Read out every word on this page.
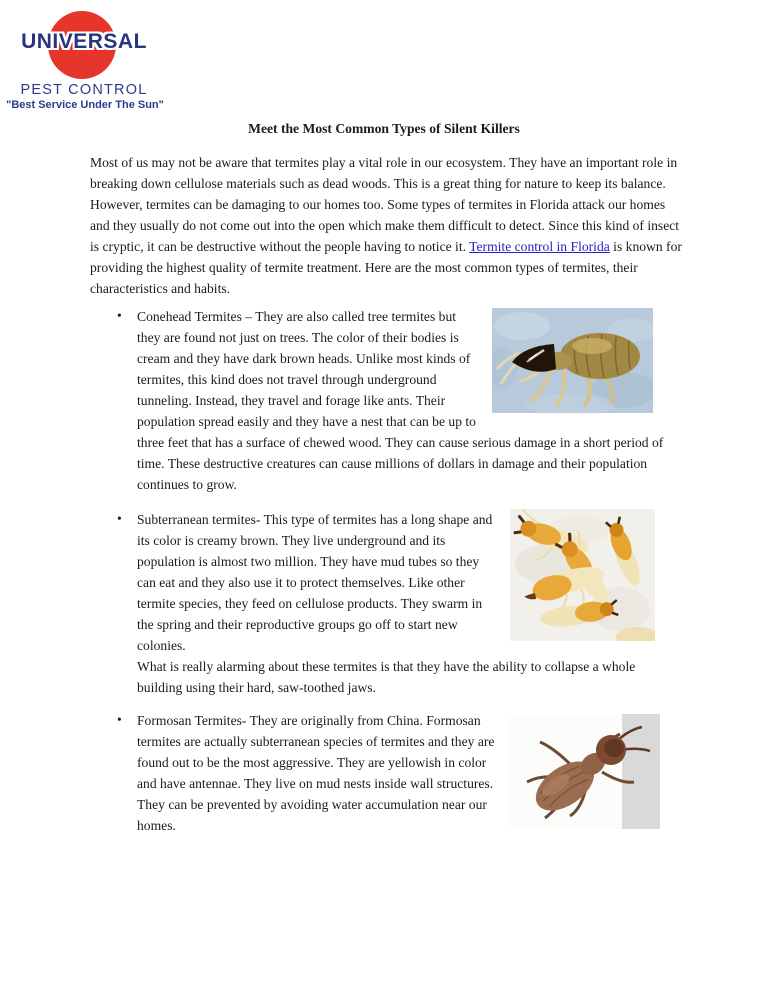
UNIVERSAL
PEST CONTROL
"Best Service Under The Sun"
Meet the Most Common Types of Silent Killers

Most of us may not be aware that termites play a vital role in our ecosystem. They have an important role in breaking down cellulose materials such as dead woods. This is a great thing for nature to keep its balance. However, termites can be damaging to our homes too. Some types of termites in Florida attack our homes and they usually do not come out into the open which make them difficult to detect. Since this kind of insect is cryptic, it can be destructive without the people having to notice it. Termite control in Florida is known for providing the highest quality of termite treatment. Here are the most common types of termites, their characteristics and habits.

• Conehead Termites – They are also called tree termites but they are found not just on trees. The color of their bodies is cream and they have dark brown heads. Unlike most kinds of termites, this kind does not travel through underground tunneling. Instead, they travel and forage like ants. Their population spread easily and they have a nest that can be up to three feet that has a surface of chewed wood. They can cause serious damage in a short period of time. These destructive creatures can cause millions of dollars in damage and their population continues to grow.

• Subterranean termites- This type of termites has a long shape and its color is creamy brown. They live underground and its population is almost two million. They have mud tubes so they can eat and they also use it to protect themselves. Like other termite species, they feed on cellulose products. They swarm in the spring and their reproductive groups go off to start new colonies.

What is really alarming about these termites is that they have the ability to collapse a whole building using their hard, saw-toothed jaws.

• Formosan Termites- They are originally from China. Formosan termites are actually subterranean species of termites and they are found out to be the most aggressive. They are yellowish in color and have antennae. They live on mud nests inside wall structures.

They can be prevented by avoiding water accumulation near our homes.
